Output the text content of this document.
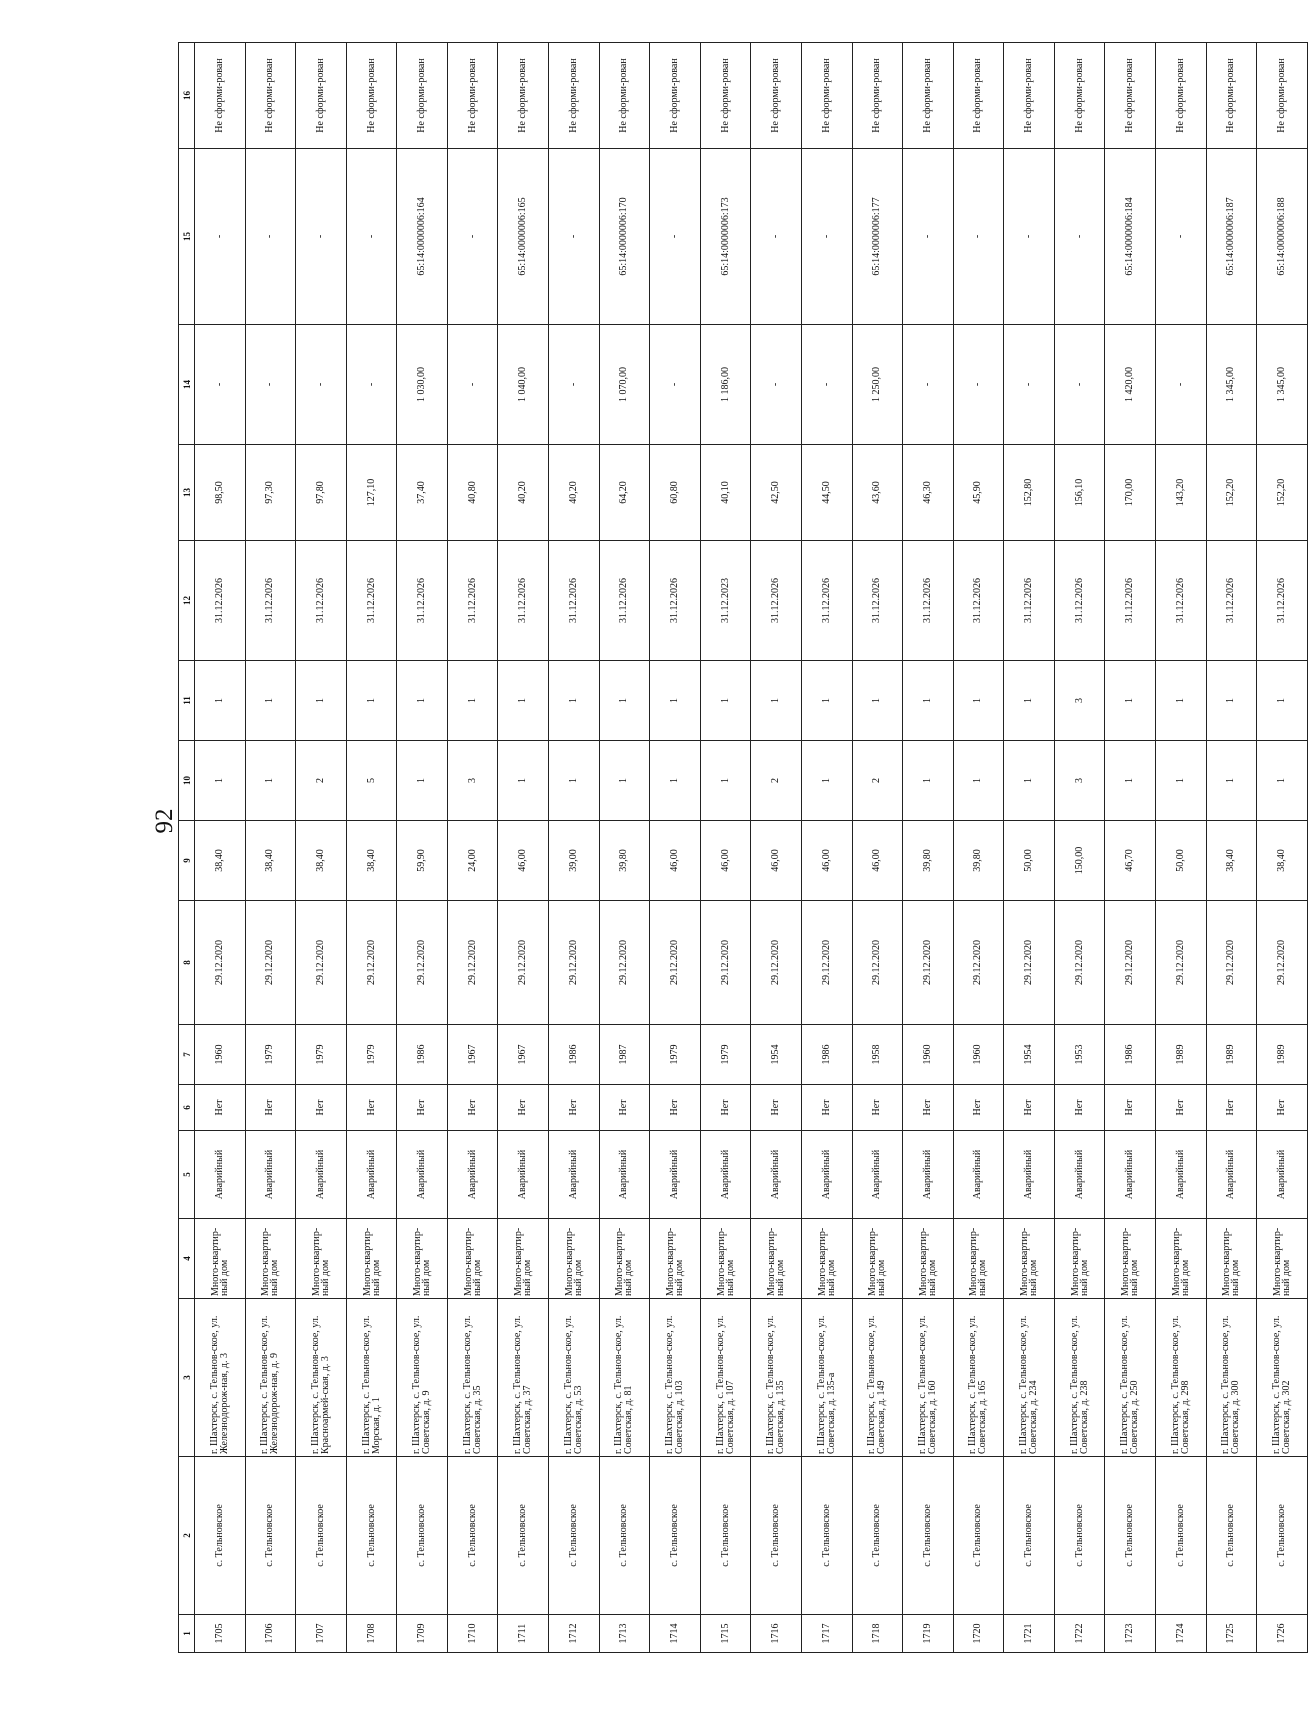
92
1	2	3	4	5	6	7	8	9	10	11	12	13	14	15	16
1705	с. Тельновское	г. Шахтерск, с. Тельнов-ское, ул. Железнодорож-ная, д. 3	Много-квартир-ный дом	Аварийный	Нет	1960	29.12.2020	38,40	1	1	31.12.2026	98,50	-	-	Не сформи-рован
1706	с. Тельновское	г. Шахтерск, с. Тельнов-ское, ул. Железнодорож-ная, д. 9	Много-квартир-ный дом	Аварийный	Нет	1979	29.12.2020	38,40	1	1	31.12.2026	97,30	-	-	Не сформи-рован
1707	с. Тельновское	г. Шахтерск, с. Тельнов-ское, ул. Красноармей-ская, д. 3	Много-квартир-ный дом	Аварийный	Нет	1979	29.12.2020	38,40	2	1	31.12.2026	97,80	-	-	Не сформи-рован
1708	с. Тельновское	г. Шахтерск, с. Тельнов-ское, ул. Морская, д. 1	Много-квартир-ный дом	Аварийный	Нет	1979	29.12.2020	38,40	5	1	31.12.2026	127,10	-	-	Не сформи-рован
1709	с. Тельновское	г. Шахтерск, с. Тельнов-ское, ул. Советская, д. 9	Много-квартир-ный дом	Аварийный	Нет	1986	29.12.2020	59,90	1	1	31.12.2026	37,40	1 030,00	65:14:0000006:164	Не сформи-рован
1710	с. Тельновское	г. Шахтерск, с. Тельнов-ское, ул. Советская, д. 35	Много-квартир-ный дом	Аварийный	Нет	1967	29.12.2020	24,00	3	1	31.12.2026	40,80	-	-	Не сформи-рован
1711	с. Тельновское	г. Шахтерск, с. Тельнов-ское, ул. Советская, д. 37	Много-квартир-ный дом	Аварийный	Нет	1967	29.12.2020	46,00	1	1	31.12.2026	40,20	1 040,00	65:14:0000006:165	Не сформи-рован
1712	с. Тельновское	г. Шахтерск, с. Тельнов-ское, ул. Советская, д. 53	Много-квартир-ный дом	Аварийный	Нет	1986	29.12.2020	39,00	1	1	31.12.2026	40,20	-	-	Не сформи-рован
1713	с. Тельновское	г. Шахтерск, с. Тельнов-ское, ул. Советская, д. 81	Много-квартир-ный дом	Аварийный	Нет	1987	29.12.2020	39,80	1	1	31.12.2026	64,20	1 070,00	65:14:0000006:170	Не сформи-рован
1714	с. Тельновское	г. Шахтерск, с. Тельнов-ское, ул. Советская, д. 103	Много-квартир-ный дом	Аварийный	Нет	1979	29.12.2020	46,00	1	1	31.12.2026	60,80	-	-	Не сформи-рован
1715	с. Тельновское	г. Шахтерск, с. Тельнов-ское, ул. Советская, д. 107	Много-квартир-ный дом	Аварийный	Нет	1979	29.12.2020	46,00	1	1	31.12.2023	40,10	1 186,00	65:14:0000006:173	Не сформи-рован
1716	с. Тельновское	г. Шахтерск, с. Тельнов-ское, ул. Советская, д. 135	Много-квартир-ный дом	Аварийный	Нет	1954	29.12.2020	46,00	2	1	31.12.2026	42,50	-	-	Не сформи-рован
1717	с. Тельновское	г. Шахтерск, с. Тельнов-ское, ул. Советская, д. 135-а	Много-квартир-ный дом	Аварийный	Нет	1986	29.12.2020	46,00	1	1	31.12.2026	44,50	-	-	Не сформи-рован
1718	с. Тельновское	г. Шахтерск, с. Тельнов-ское, ул. Советская, д. 149	Много-квартир-ный дом	Аварийный	Нет	1958	29.12.2020	46,00	2	1	31.12.2026	43,60	1 250,00	65:14:0000006:177	Не сформи-рован
1719	с. Тельновское	г. Шахтерск, с. Тельнов-ское, ул. Советская, д. 160	Много-квартир-ный дом	Аварийный	Нет	1960	29.12.2020	39,80	1	1	31.12.2026	46,30	-	-	Не сформи-рован
1720	с. Тельновское	г. Шахтерск, с. Тельнов-ское, ул. Советская, д. 165	Много-квартир-ный дом	Аварийный	Нет	1960	29.12.2020	39,80	1	1	31.12.2026	45,90	-	-	Не сформи-рован
1721	с. Тельновское	г. Шахтерск, с. Тельнов-ское, ул. Советская, д. 234	Много-квартир-ный дом	Аварийный	Нет	1954	29.12.2020	50,00	1	1	31.12.2026	152,80	-	-	Не сформи-рован
1722	с. Тельновское	г. Шахтерск, с. Тельнов-ское, ул. Советская, д. 238	Много-квартир-ный дом	Аварийный	Нет	1953	29.12.2020	150,00	3	3	31.12.2026	156,10	-	-	Не сформи-рован
1723	с. Тельновское	г. Шахтерск, с. Тельнов-ское, ул. Советская, д. 250	Много-квартир-ный дом	Аварийный	Нет	1986	29.12.2020	46,70	1	1	31.12.2026	170,00	1 420,00	65:14:0000006:184	Не сформи-рован
1724	с. Тельновское	г. Шахтерск, с. Тельнов-ское, ул. Советская, д. 298	Много-квартир-ный дом	Аварийный	Нет	1989	29.12.2020	50,00	1	1	31.12.2026	143,20	-	-	Не сформи-рован
1725	с. Тельновское	г. Шахтерск, с. Тельнов-ское, ул. Советская, д. 300	Много-квартир-ный дом	Аварийный	Нет	1989	29.12.2020	38,40	1	1	31.12.2026	152,20	1 345,00	65:14:0000006:187	Не сформи-рован
1726	с. Тельновское	г. Шахтерск, с. Тельнов-ское, ул. Советская, д. 302	Много-квартир-ный дом	Аварийный	Нет	1989	29.12.2020	38,40	1	1	31.12.2026	152,20	1 345,00	65:14:0000006:188	Не сформи-рован
